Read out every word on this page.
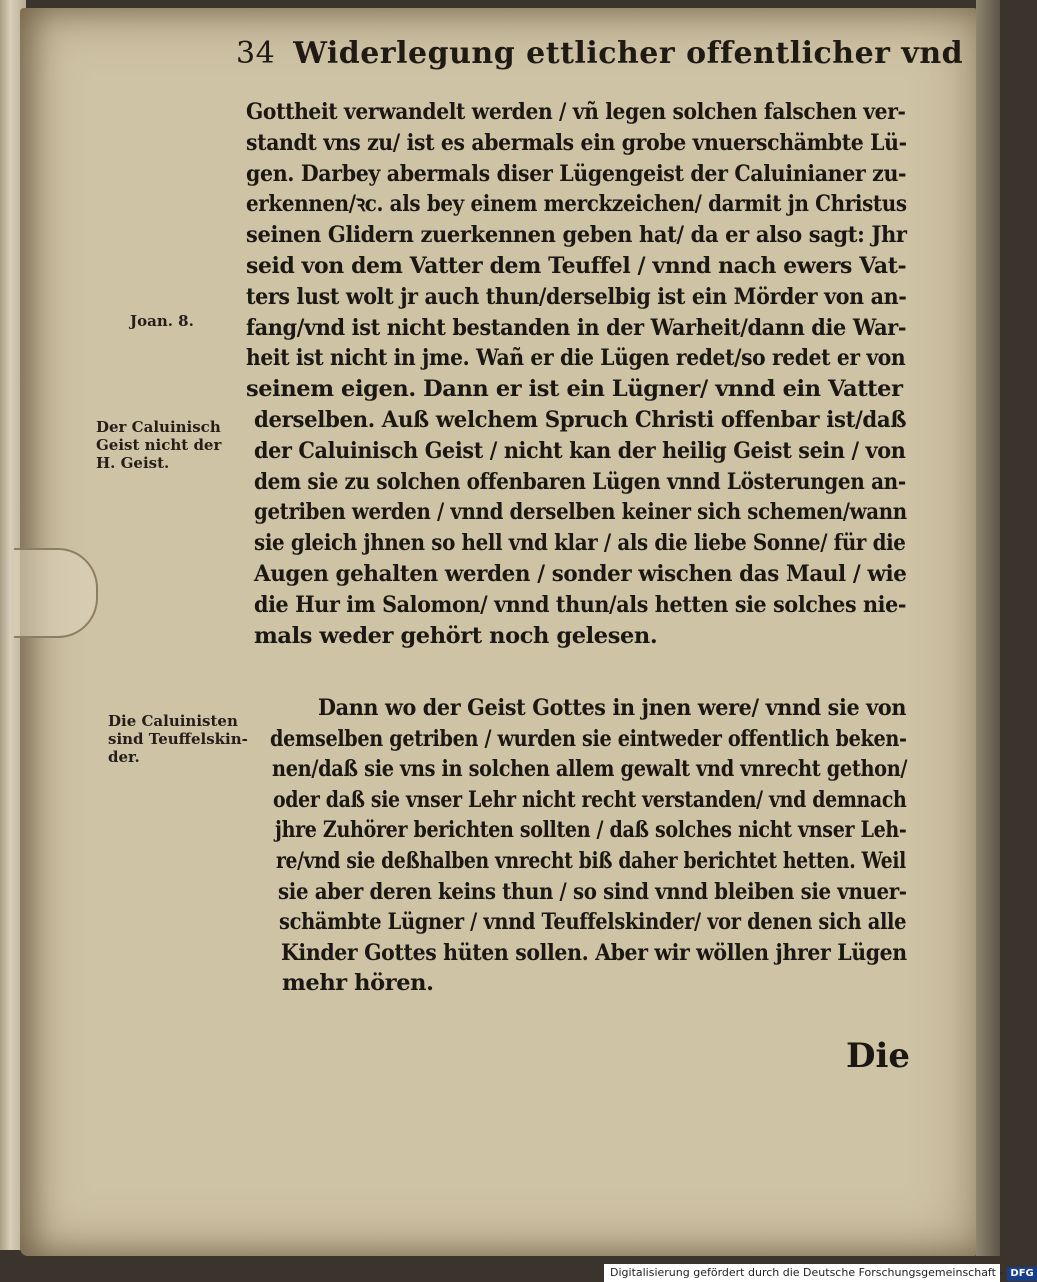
34 Widerlegung ettlicher offentlicher vnd
Gottheit verwandelt werden / vñ legen solchen falschen ver-
standt vns zu/ ist es abermals ein grobe vnuerschämbte Lü-
gen. Darbey abermals diser Lügengeist der Caluinianer zu-
erkennen/ꝛc. als bey einem merckzeichen/ darmit jn Christus
seinen Glidern zuerkennen geben hat/ da er also sagt: Jhr
seid von dem Vatter dem Teuffel / vnnd nach ewers Vat-
ters lust wolt jr auch thun/derselbig ist ein Mörder von an-
fang/vnd ist nicht bestanden in der Warheit/dann die War-
heit ist nicht in jme. Wañ er die Lügen redet/so redet er von
seinem eigen. Dann er ist ein Lügner/ vnnd ein Vatter
derselben. Auß welchem Spruch Christi offenbar ist/daß
der Caluinisch Geist / nicht kan der heilig Geist sein / von
dem sie zu solchen offenbaren Lügen vnnd Lösterungen an-
getriben werden / vnnd derselben keiner sich schemen/wann
sie gleich jhnen so hell vnd klar / als die liebe Sonne/ für die
Augen gehalten werden / sonder wischen das Maul / wie
die Hur im Salomon/ vnnd thun/als hetten sie solches nie-
mals weder gehört noch gelesen.
Dann wo der Geist Gottes in jnen were/ vnnd sie von
demselben getriben / wurden sie eintweder offentlich beken-
nen/daß sie vns in solchen allem gewalt vnd vnrecht gethon/
oder daß sie vnser Lehr nicht recht verstanden/ vnd demnach
jhre Zuhörer berichten sollten / daß solches nicht vnser Leh-
re/vnd sie deßhalben vnrecht biß daher berichtet hetten. Weil
sie aber deren keins thun / so sind vnnd bleiben sie vnuer-
schämbte Lügner / vnnd Teuffelskinder/ vor denen sich alle
Kinder Gottes hüten sollen. Aber wir wöllen jhrer Lügen
mehr hören.
Joan. 8.
Der Caluinisch
Geist nicht der
H. Geist.
Die Caluinisten
sind Teuffelskin-
der.
Die
Digitalisierung gefördert durch die Deutsche Forschungsgemeinschaft - DFG
